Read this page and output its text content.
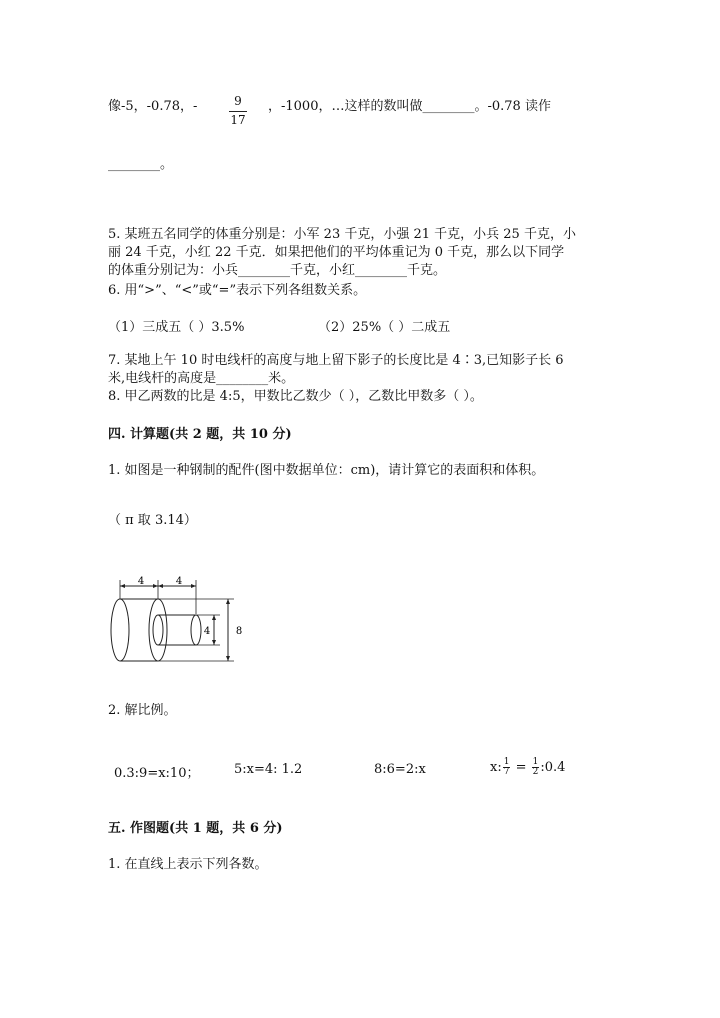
像-5，-0.78，-	9
17
，-1000，…这样的数叫做________。-0.78 读作
________。
5. 某班五名同学的体重分别是：小军 23 千克，小强 21 千克，小兵 25 千克，小
丽 24 千克，小红 22 千克．如果把他们的平均体重记为 0 千克，那么以下同学
的体重分别记为：小兵________千克，小红________千克。
6. 用“>”、“<”或“=”表示下列各组数关系。
（1）三成五（ ）3.5%	（2）25%（ ）二成五
7. 某地上午 10 时电线杆的高度与地上留下影子的长度比是 4∶3,已知影子长 6
米,电线杆的高度是________米。
8. 甲乙两数的比是 4:5，甲数比乙数少（ ），乙数比甲数多（ ）。
四. 计算题(共 2 题，共 10 分)
1. 如图是一种钢制的配件(图中数据单位：cm)，请计算它的表面积和体积。
（ π 取 3.14）
4	4
4	8
2. 解比例。
0.3:9=x:10；	5:x=4: 1.2	8:6=2:x	x: $\frac{1}{7} = \frac{1}{2}$ :0.4
五. 作图题(共 1 题，共 6 分)
1. 在直线上表示下列各数。
